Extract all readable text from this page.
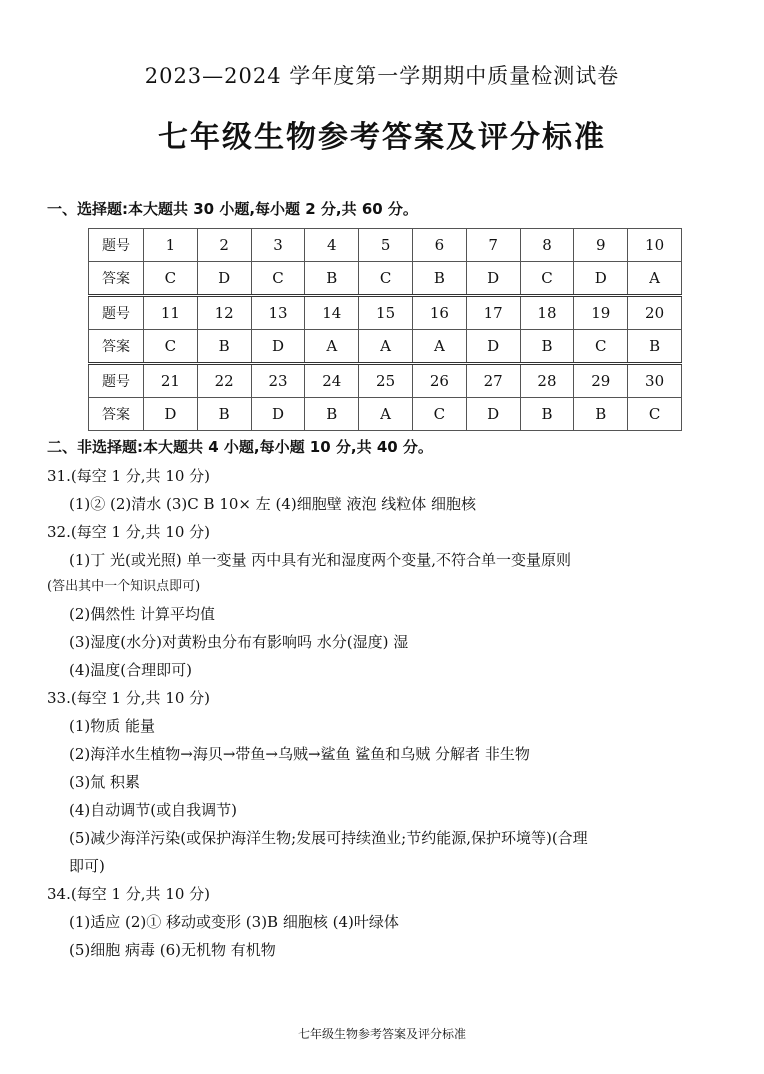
2023—2024 学年度第一学期期中质量检测试卷
七年级生物参考答案及评分标准
一、选择题:本大题共 30 小题,每小题 2 分,共 60 分。
题号	1	2	3	4	5	6	7	8	9	10
答案	C	D	C	B	C	B	D	C	D	A
题号	11	12	13	14	15	16	17	18	19	20
答案	C	B	D	A	A	A	D	B	C	B
题号	21	22	23	24	25	26	27	28	29	30
答案	D	B	D	B	A	C	D	B	B	C
二、非选择题:本大题共 4 小题,每小题 10 分,共 40 分。
31.(每空 1 分,共 10 分)
(1)② (2)清水 (3)C B 10× 左 (4)细胞壁 液泡 线粒体 细胞核
32.(每空 1 分,共 10 分)
(1)丁 光(或光照) 单一变量 丙中具有光和湿度两个变量,不符合单一变量原则
(答出其中一个知识点即可)
(2)偶然性 计算平均值
(3)湿度(水分)对黄粉虫分布有影响吗 水分(湿度) 湿
(4)温度(合理即可)
33.(每空 1 分,共 10 分)
(1)物质 能量
(2)海洋水生植物→海贝→带鱼→乌贼→鲨鱼 鲨鱼和乌贼 分解者 非生物
(3)氚 积累
(4)自动调节(或自我调节)
(5)减少海洋污染(或保护海洋生物;发展可持续渔业;节约能源,保护环境等)(合理
即可)
34.(每空 1 分,共 10 分)
(1)适应 (2)① 移动或变形 (3)B 细胞核 (4)叶绿体
(5)细胞 病毒 (6)无机物 有机物
七年级生物参考答案及评分标准
